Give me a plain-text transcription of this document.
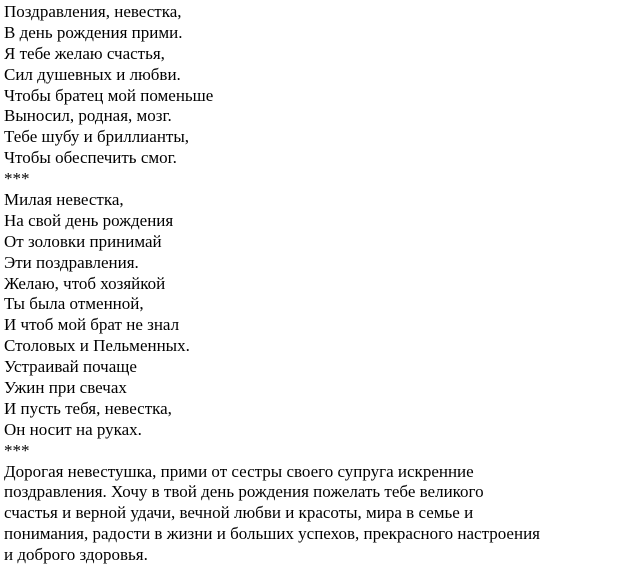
Поздравления, невестка,
В день рождения прими.
Я тебе желаю счастья,
Сил душевных и любви.
Чтобы братец мой поменьше
Выносил, родная, мозг.
Тебе шубу и бриллианты,
Чтобы обеспечить смог.
***
Милая невестка,
На свой день рождения
От золовки принимай
Эти поздравления.
Желаю, чтоб хозяйкой
Ты была отменной,
И чтоб мой брат не знал
Столовых и Пельменных.
Устраивай почаще
Ужин при свечах
И пусть тебя, невестка,
Он носит на руках.
***
Дорогая невестушка, прими от сестры своего супруга искренние
поздравления. Хочу в твой день рождения пожелать тебе великого
счастья и верной удачи, вечной любви и красоты, мира в семье и
понимания, радости в жизни и больших успехов, прекрасного настроения
и доброго здоровья.
